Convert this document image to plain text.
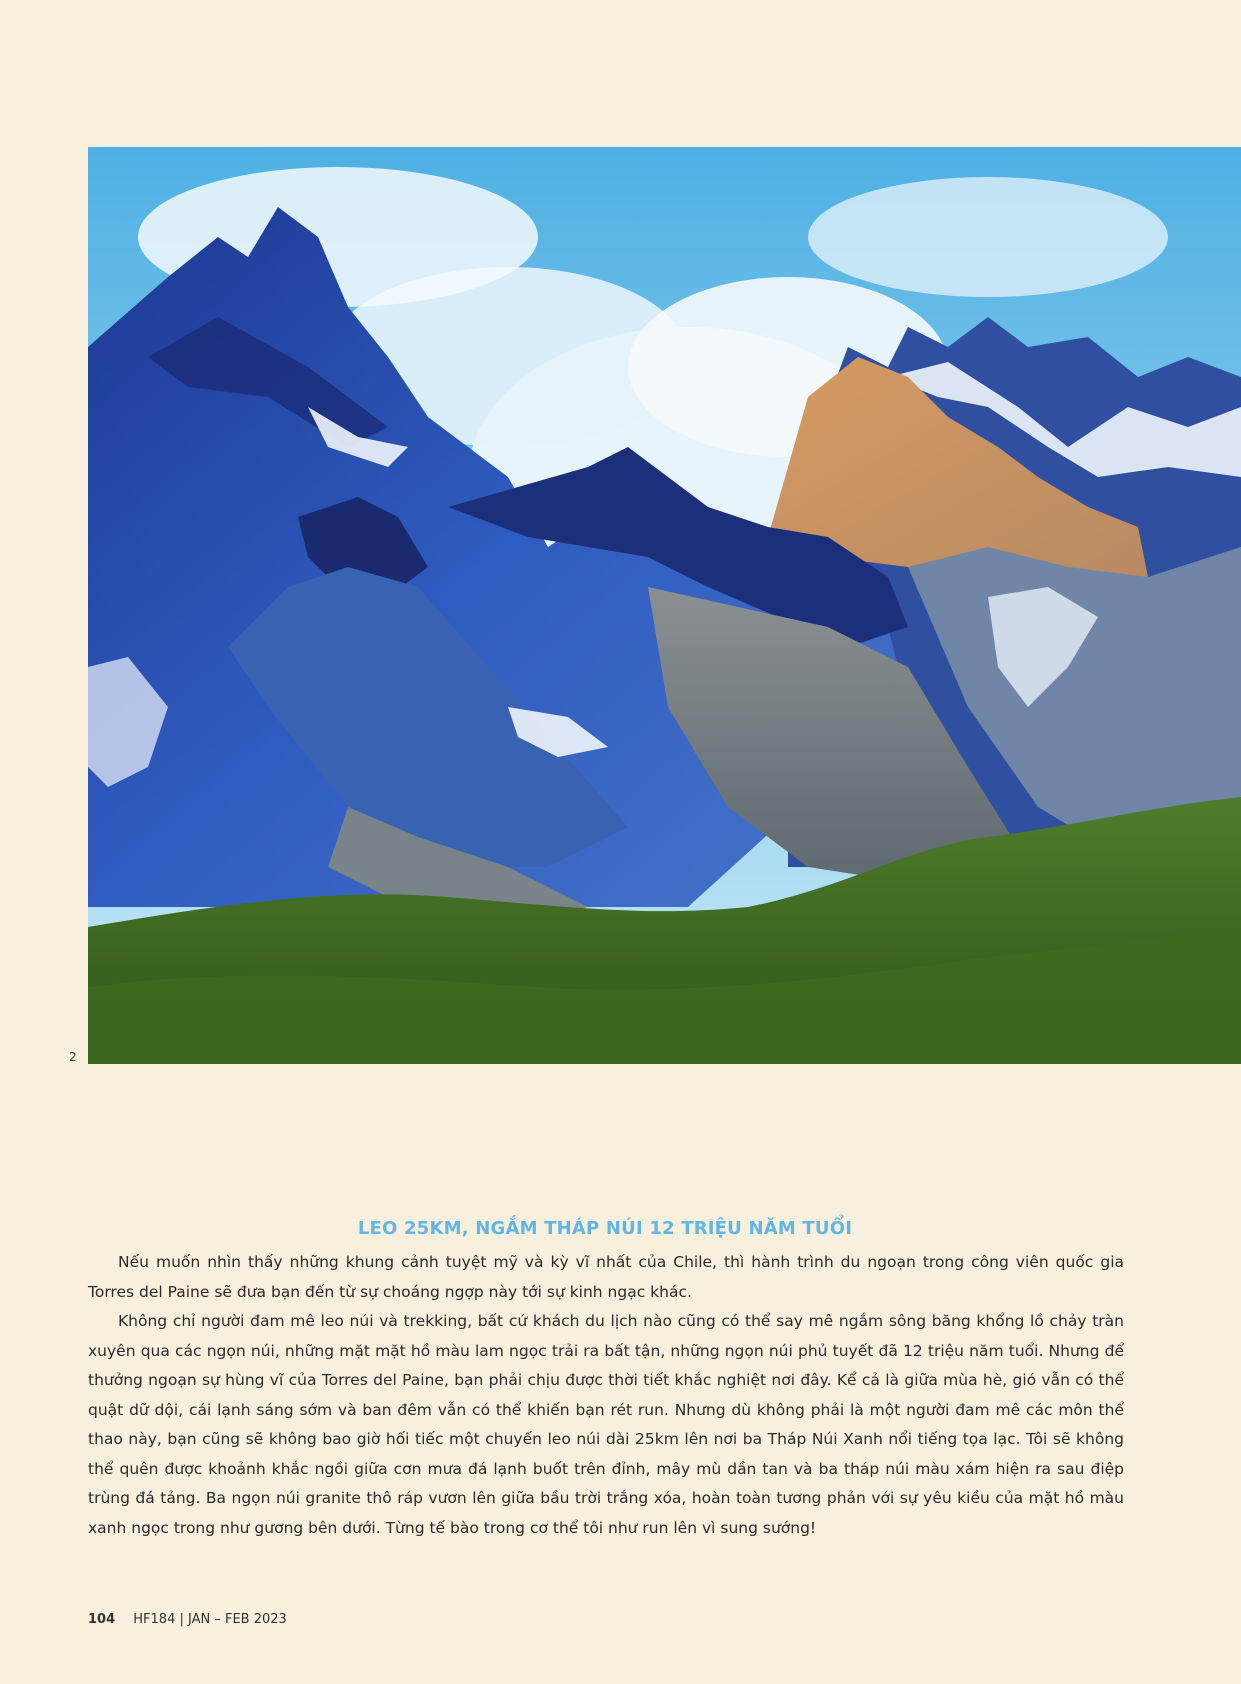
2
LEO 25KM, NGẮM THÁP NÚI 12 TRIỆU NĂM TUỔI

Nếu muốn nhìn thấy những khung cảnh tuyệt mỹ và kỳ vĩ nhất của Chile, thì hành trình du ngoạn trong công viên quốc gia Torres del Paine sẽ đưa bạn đến từ sự choáng ngợp này tới sự kinh ngạc khác.

Không chỉ người đam mê leo núi và trekking, bất cứ khách du lịch nào cũng có thể say mê ngắm sông băng khổng lồ chảy tràn xuyên qua các ngọn núi, những mặt mặt hồ màu lam ngọc trải ra bất tận, những ngọn núi phủ tuyết đã 12 triệu năm tuổi. Nhưng để thưởng ngoạn sự hùng vĩ của Torres del Paine, bạn phải chịu được thời tiết khắc nghiệt nơi đây. Kể cả là giữa mùa hè, gió vẫn có thể quật dữ dội, cái lạnh sáng sớm và ban đêm vẫn có thể khiến bạn rét run. Nhưng dù không phải là một người đam mê các môn thể thao này, bạn cũng sẽ không bao giờ hối tiếc một chuyến leo núi dài 25km lên nơi ba Tháp Núi Xanh nổi tiếng tọa lạc. Tôi sẽ không thể quên được khoảnh khắc ngồi giữa cơn mưa đá lạnh buốt trên đỉnh, mây mù dần tan và ba tháp núi màu xám hiện ra sau điệp trùng đá tảng. Ba ngọn núi granite thô ráp vươn lên giữa bầu trời trắng xóa, hoàn toàn tương phản với sự yêu kiều của mặt hồ màu xanh ngọc trong như gương bên dưới. Từng tế bào trong cơ thể tôi như run lên vì sung sướng!

104 HF184 | JAN – FEB 2023
